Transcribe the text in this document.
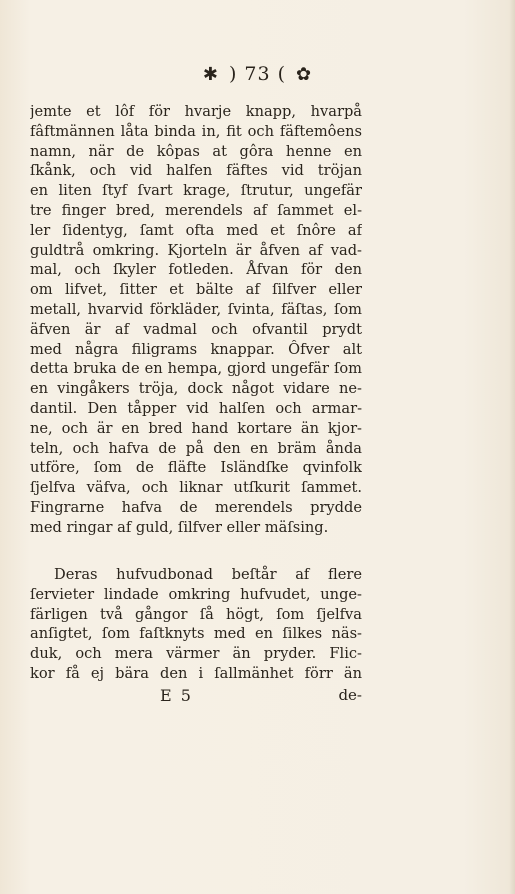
✱ ) 73 ( ✿
jemte et lôf för hvarje knapp, hvarpå
fâftmännen låta binda in, fit och fäftemôens
namn, när de kôpas at gôra henne en
ſkånk, och vid halfen fäftes vid tröjan
en liten ſtyf ſvart krage, ſtrutur, ungefär
tre finger bred, merendels af ſammet el-
ler ſidentyg, ſamt ofta med et ſnôre af
guldtrå omkring. Kjorteln är åfven af vad-
mal, och ſkyler fotleden. Åfvan för den
om lifvet, ſitter et bälte af ſilfver eller
metall, hvarvid förkläder, ſvinta, fäſtas, ſom
äfven är af vadmal och ofvantil prydt
med några filigrams knappar. Ôfver alt
detta bruka de en hempa, gjord ungefär ſom
en vingåkers tröja, dock något vidare ne-
dantil. Den tåpper vid halſen och armar-
ne, och är en bred hand kortare än kjor-
teln, och hafva de på den en bräm ånda
utföre, ſom de fläfte Isländſke qvinfolk
ſjelfva väfva, och liknar utſkurit ſammet.
Fingrarne hafva de merendels prydde
med ringar af guld, ſilfver eller mäſsing.
Deras hufvudbonad beſtår af flere
ſervieter lindade omkring hufvudet, unge-
färligen två gångor ſå högt, ſom ſjelfva
anſigtet, ſom faſtknyts med en ſilkes näs-
duk, och mera värmer än pryder. Flic-
kor få ej bära den i ſallmänhet förr än
E 5	de-
